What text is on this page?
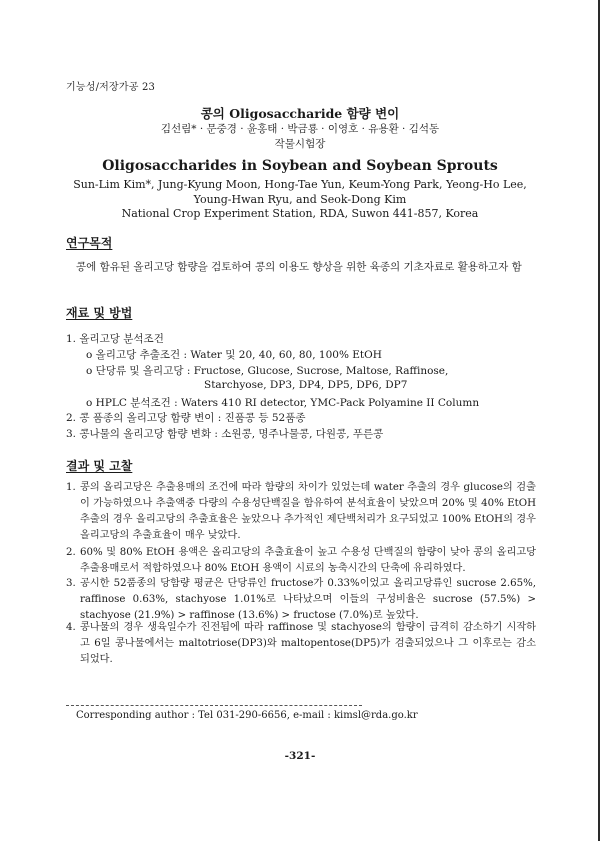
기능성/저장가공 23
콩의 Oligosaccharide 함량 변이
김선림* · 문중경 · 윤홍태 · 박금룡 · 이영호 · 유용환 · 김석동
작물시험장
Oligosaccharides in Soybean and Soybean Sprouts
Sun-Lim Kim*, Jung-Kyung Moon, Hong-Tae Yun, Keum-Yong Park, Yeong-Ho Lee,
Young-Hwan Ryu, and Seok-Dong Kim
National Crop Experiment Station, RDA, Suwon 441-857, Korea
연구목적
콩에 함유된 올리고당 함량을 검토하여 콩의 이용도 향상을 위한 육종의 기초자료로 활용하고자 함
재료 및 방법
1. 올리고당 분석조건
o 올리고당 추출조건 : Water 및 20, 40, 60, 80, 100% EtOH
o 단당류 및 올리고당 : Fructose, Glucose, Sucrose, Maltose, Raffinose,
Starchyose, DP3, DP4, DP5, DP6, DP7
o HPLC 분석조건 : Waters 410 RI detector, YMC-Pack Polyamine II Column
2. 콩 품종의 올리고당 함량 변이 : 진품콩 등 52품종
3. 콩나물의 올리고당 함량 변화 : 소원콩, 명주나물콩, 다원콩, 푸른콩
결과 및 고찰
1. 콩의 올리고당은 추출용매의 조건에 따라 함량의 차이가 있었는데 water 추출의 경우 glucose의 검출이 가능하였으나 추출액중 다량의 수용성단백질을 함유하여 분석효율이 낮았으며 20% 및 40% EtOH 추출의 경우 올리고당의 추출효율은 높았으나 추가적인 제단백처리가 요구되었고 100% EtOH의 경우 올리고당의 추출효율이 매우 낮았다.
2. 60% 및 80% EtOH 용액은 올리고당의 추출효율이 높고 수용성 단백질의 함량이 낮아 콩의 올리고당 추출용매로서 적합하였으나 80% EtOH 용액이 시료의 농축시간의 단축에 유리하였다.
3. 공시한 52품종의 당함량 평균은 단당류인 fructose가 0.33%이었고 올리고당류인 sucrose 2.65%, raffinose 0.63%, stachyose 1.01%로 나타났으며 이들의 구성비율은 sucrose (57.5%) > stachyose (21.9%) > raffinose (13.6%) > fructose (7.0%)로 높았다.
4. 콩나물의 경우 생육일수가 진전됨에 따라 raffinose 및 stachyose의 함량이 급격히 감소하기 시작하고 6일 콩나물에서는 maltotriose(DP3)와 maltopentose(DP5)가 검출되었으나 그 이후로는 감소되었다.
Corresponding author : Tel 031-290-6656, e-mail : kimsl@rda.go.kr
-321-
